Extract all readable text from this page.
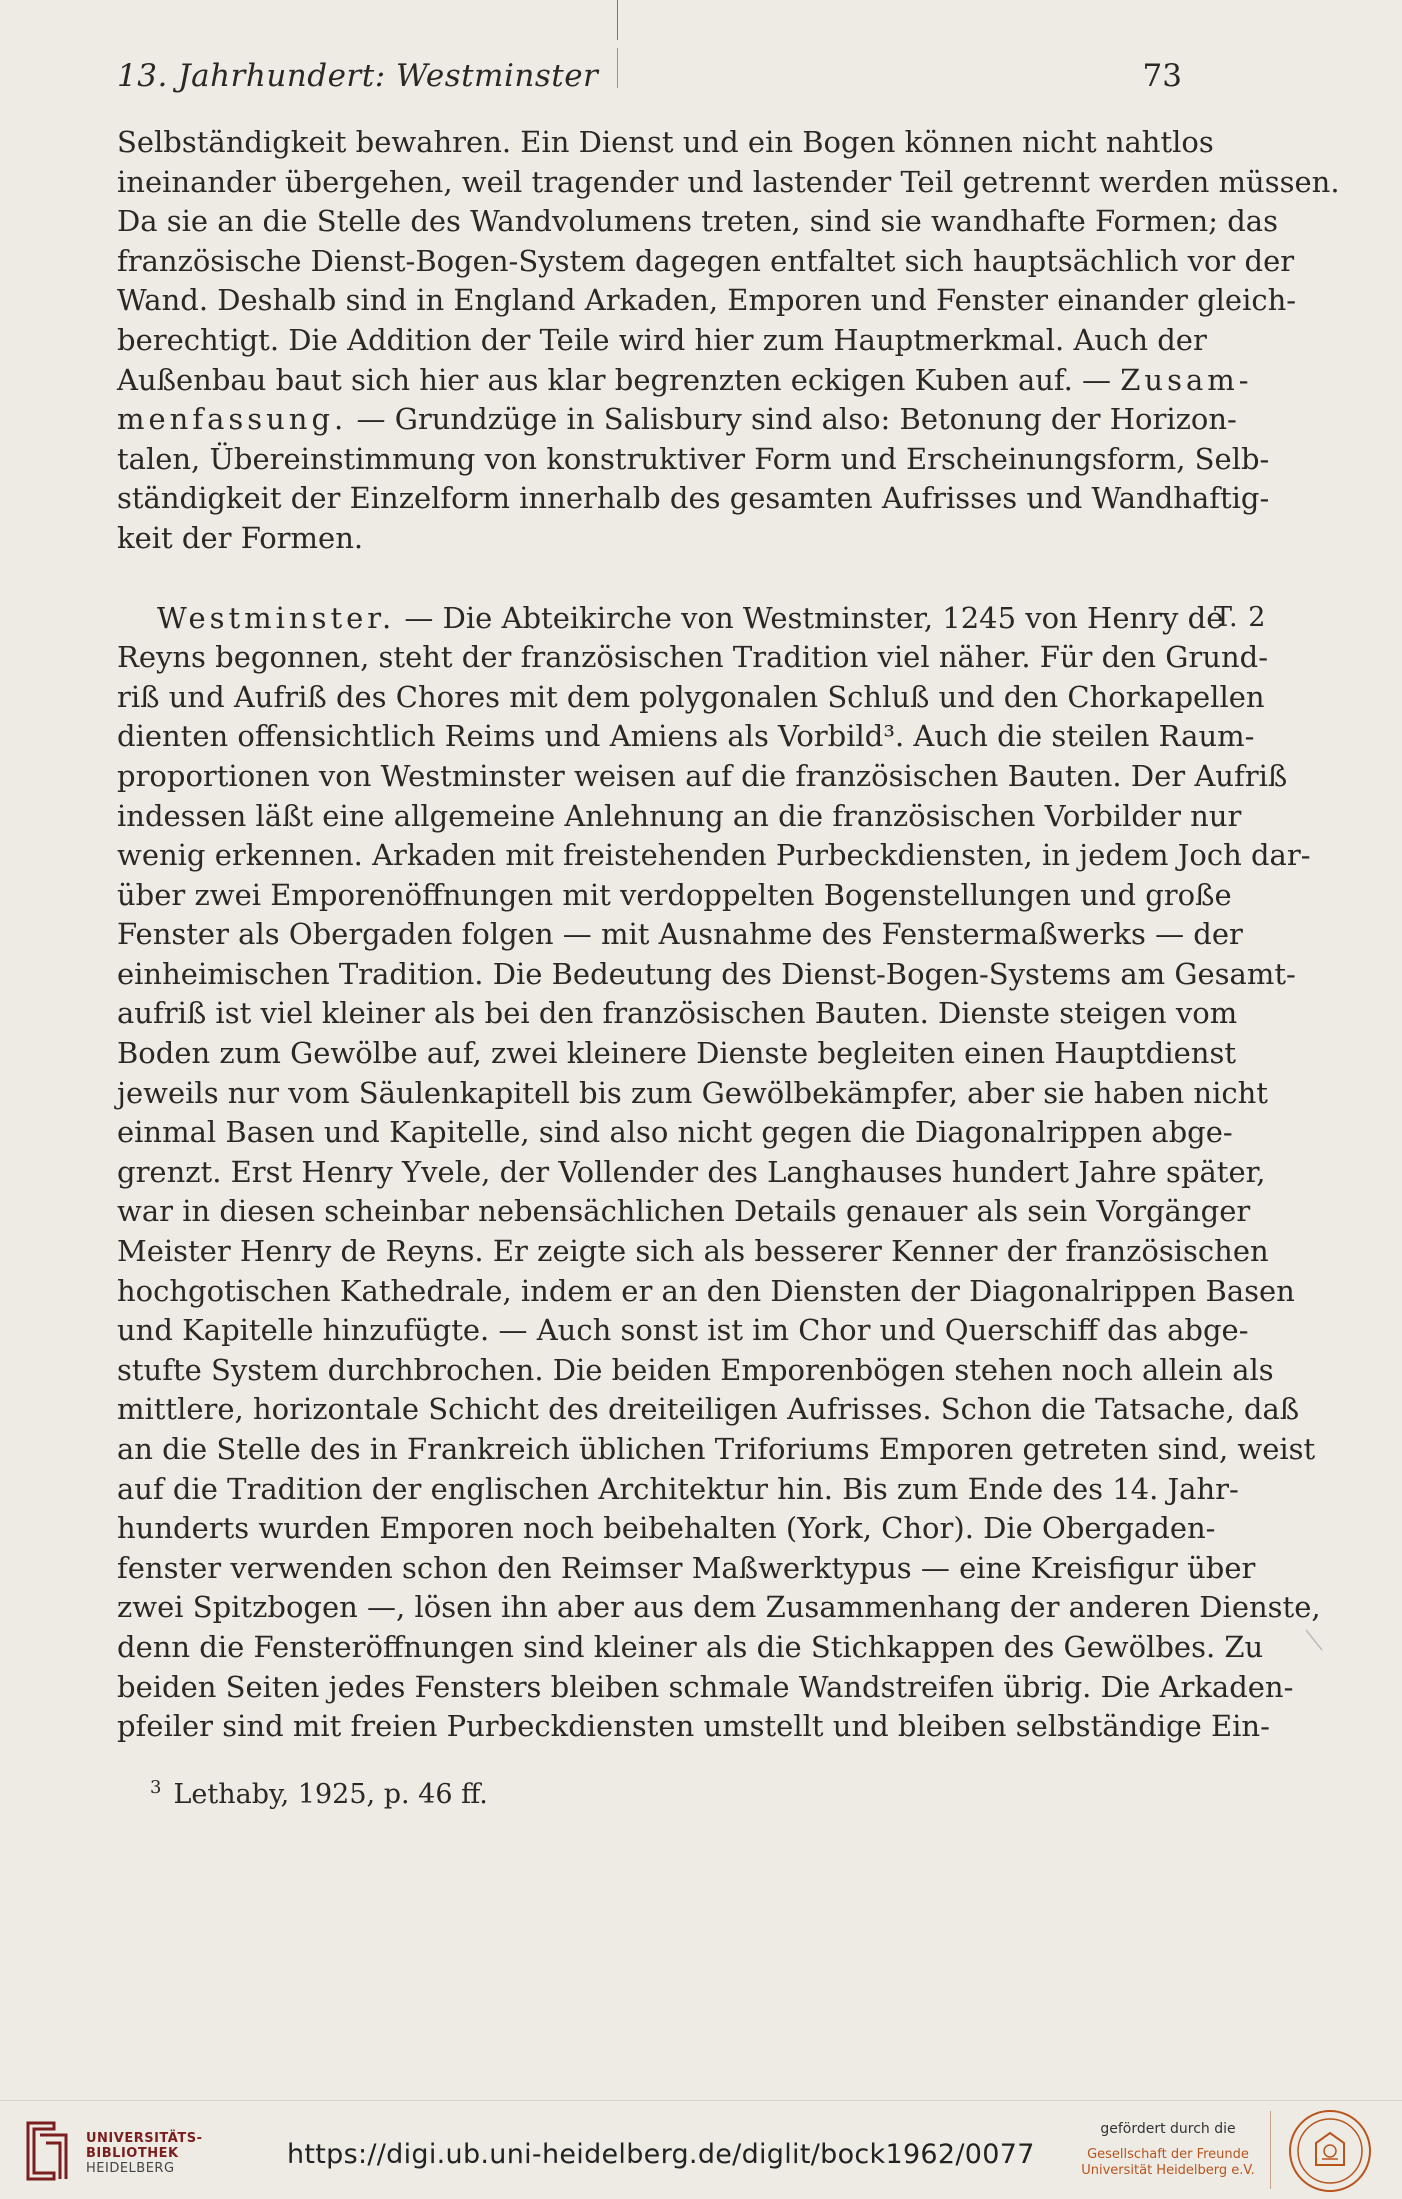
13. Jahrhundert: Westminster	73

Selbständigkeit bewahren. Ein Dienst und ein Bogen können nicht nahtlos

ineinander übergehen, weil tragender und lastender Teil getrennt werden müssen.

Da sie an die Stelle des Wandvolumens treten, sind sie wandhafte Formen; das

französische Dienst-Bogen-System dagegen entfaltet sich hauptsächlich vor der

Wand. Deshalb sind in England Arkaden, Emporen und Fenster einander gleich-

berechtigt. Die Addition der Teile wird hier zum Hauptmerkmal. Auch der

Außenbau baut sich hier aus klar begrenzten eckigen Kuben auf. — Zusam-

menfassung. — Grundzüge in Salisbury sind also: Betonung der Horizon-

talen, Übereinstimmung von konstruktiver Form und Erscheinungsform, Selb-

ständigkeit der Einzelform innerhalb des gesamten Aufrisses und Wandhaftig-

keit der Formen.

Westminster. — Die Abteikirche von Westminster, 1245 von Henry de

Reyns begonnen, steht der französischen Tradition viel näher. Für den Grund-

riß und Aufriß des Chores mit dem polygonalen Schluß und den Chorkapellen

dienten offensichtlich Reims und Amiens als Vorbild³. Auch die steilen Raum-

proportionen von Westminster weisen auf die französischen Bauten. Der Aufriß

indessen läßt eine allgemeine Anlehnung an die französischen Vorbilder nur

wenig erkennen. Arkaden mit freistehenden Purbeckdiensten, in jedem Joch dar-

über zwei Emporenöffnungen mit verdoppelten Bogenstellungen und große

Fenster als Obergaden folgen — mit Ausnahme des Fenstermaßwerks — der

einheimischen Tradition. Die Bedeutung des Dienst-Bogen-Systems am Gesamt-

aufriß ist viel kleiner als bei den französischen Bauten. Dienste steigen vom

Boden zum Gewölbe auf, zwei kleinere Dienste begleiten einen Hauptdienst

jeweils nur vom Säulenkapitell bis zum Gewölbekämpfer, aber sie haben nicht

einmal Basen und Kapitelle, sind also nicht gegen die Diagonalrippen abge-

grenzt. Erst Henry Yvele, der Vollender des Langhauses hundert Jahre später,

war in diesen scheinbar nebensächlichen Details genauer als sein Vorgänger

Meister Henry de Reyns. Er zeigte sich als besserer Kenner der französischen

hochgotischen Kathedrale, indem er an den Diensten der Diagonalrippen Basen

und Kapitelle hinzufügte. — Auch sonst ist im Chor und Querschiff das abge-

stufte System durchbrochen. Die beiden Emporenbögen stehen noch allein als

mittlere, horizontale Schicht des dreiteiligen Aufrisses. Schon die Tatsache, daß

an die Stelle des in Frankreich üblichen Triforiums Emporen getreten sind, weist

auf die Tradition der englischen Architektur hin. Bis zum Ende des 14. Jahr-

hunderts wurden Emporen noch beibehalten (York, Chor). Die Obergaden-

fenster verwenden schon den Reimser Maßwerktypus — eine Kreisfigur über

zwei Spitzbogen —, lösen ihn aber aus dem Zusammenhang der anderen Dienste,

denn die Fensteröffnungen sind kleiner als die Stichkappen des Gewölbes. Zu

beiden Seiten jedes Fensters bleiben schmale Wandstreifen übrig. Die Arkaden-

pfeiler sind mit freien Purbeckdiensten umstellt und bleiben selbständige Ein-

T. 2
$^3$ Lethaby, 1925, p. 46 ff.
UNIVERSITÄTS-
BIBLIOTHEK
HEIDELBERG	https://digi.ub.uni-heidelberg.de/diglit/bock1962/0077
gefördert durch die
Gesellschaft der Freunde
Universität Heidelberg e.V.
